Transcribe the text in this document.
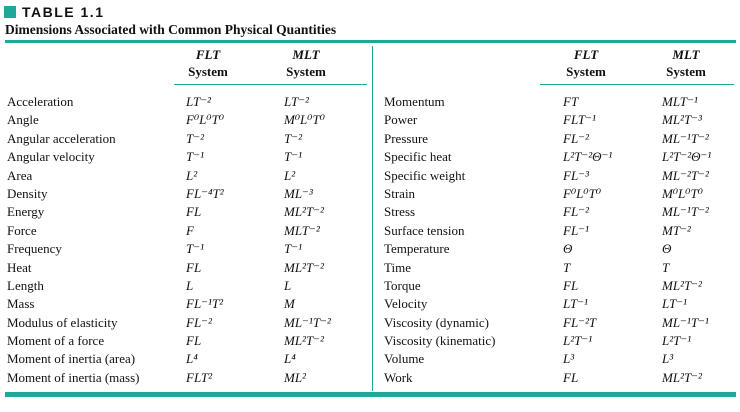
TABLE 1.1
Dimensions Associated with Common Physical Quantities
FLT
System
MLT
System
FLT
System
MLT
System
Acceleration
Angle
Angular acceleration
Angular velocity
Area
Density
Energy
Force
Frequency
Heat
Length
Mass
Modulus of elasticity
Moment of a force
Moment of inertia (area)
Moment of inertia (mass)
LT⁻²
F⁰L⁰T⁰
T⁻²
T⁻¹
L²
FL⁻⁴T²
FL
F
T⁻¹
FL
L
FL⁻¹T²
FL⁻²
FL
L⁴
FLT²
LT⁻²
M⁰L⁰T⁰
T⁻²
T⁻¹
L²
ML⁻³
ML²T⁻²
MLT⁻²
T⁻¹
ML²T⁻²
L
M
ML⁻¹T⁻²
ML²T⁻²
L⁴
ML²
Momentum
Power
Pressure
Specific heat
Specific weight
Strain
Stress
Surface tension
Temperature
Time
Torque
Velocity
Viscosity (dynamic)
Viscosity (kinematic)
Volume
Work
FT
FLT⁻¹
FL⁻²
L²T⁻²Θ⁻¹
FL⁻³
F⁰L⁰T⁰
FL⁻²
FL⁻¹
Θ
T
FL
LT⁻¹
FL⁻²T
L²T⁻¹
L³
FL
MLT⁻¹
ML²T⁻³
ML⁻¹T⁻²
L²T⁻²Θ⁻¹
ML⁻²T⁻²
M⁰L⁰T⁰
ML⁻¹T⁻²
MT⁻²
Θ
T
ML²T⁻²
LT⁻¹
ML⁻¹T⁻¹
L²T⁻¹
L³
ML²T⁻²
